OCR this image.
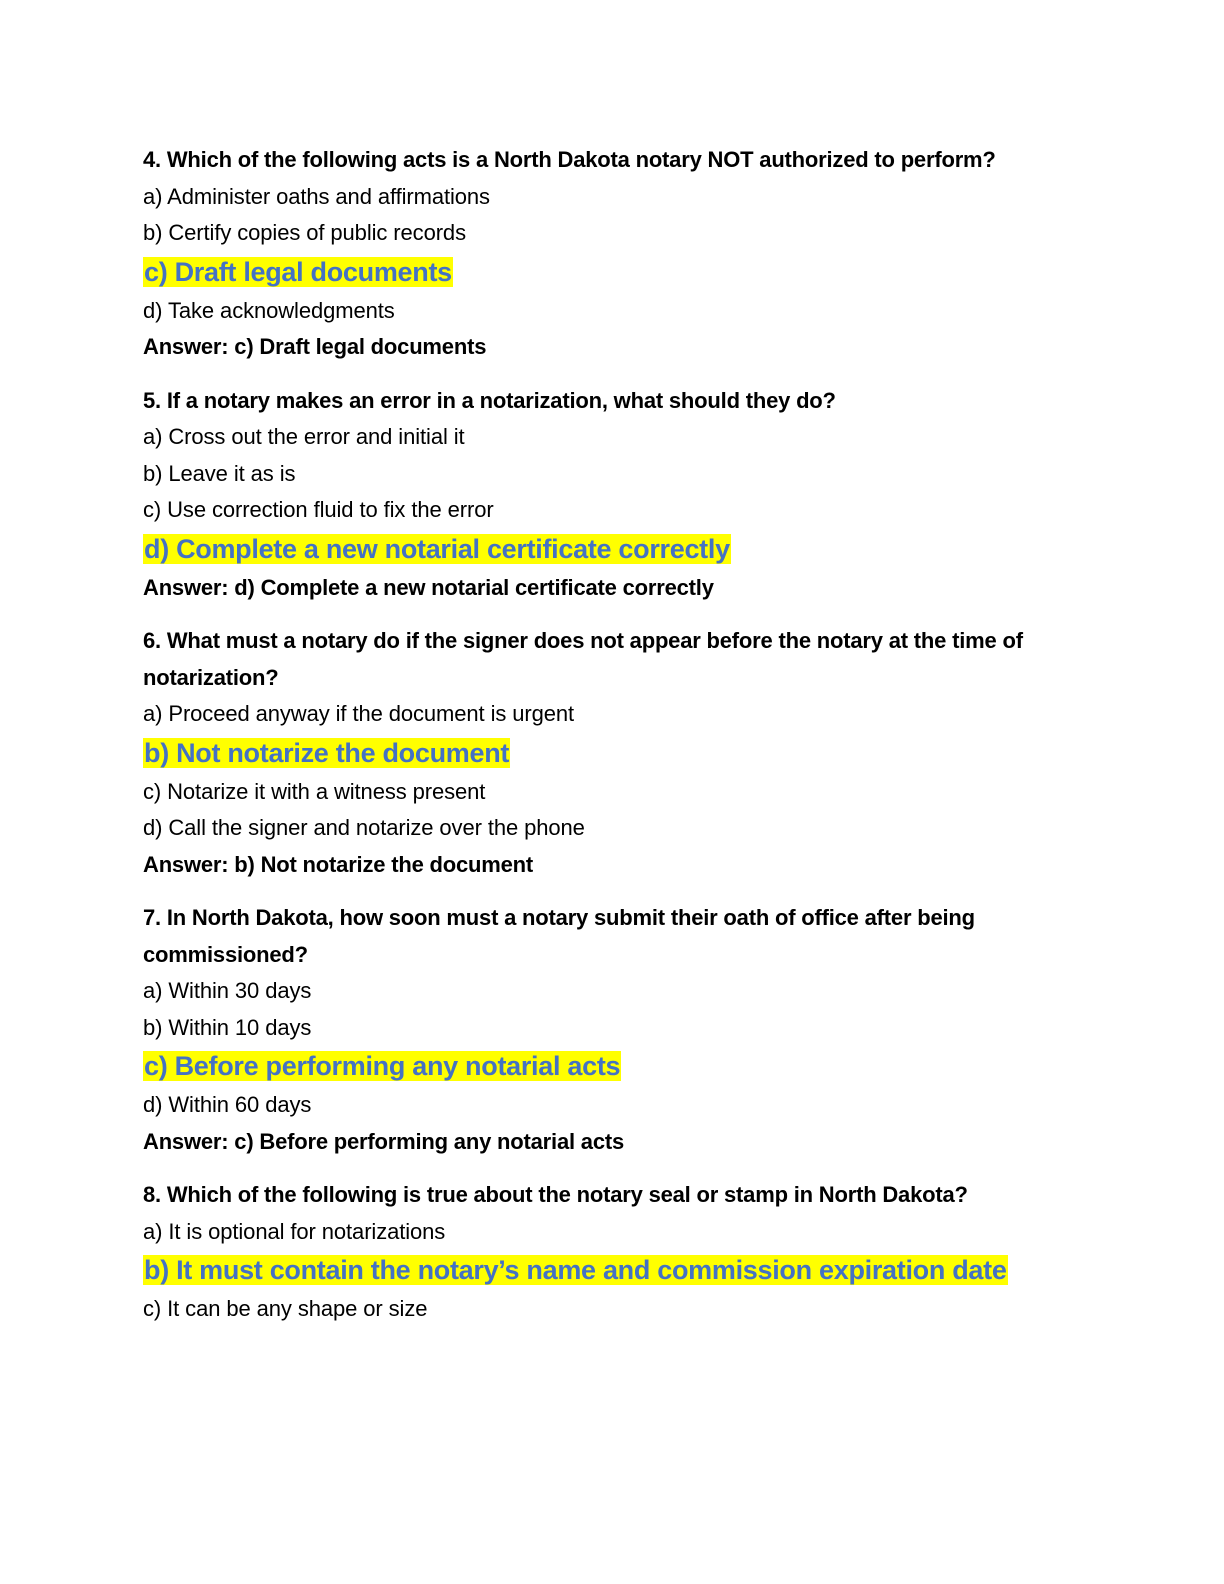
4. Which of the following acts is a North Dakota notary NOT authorized to perform?

a) Administer oaths and affirmations

b) Certify copies of public records

c) Draft legal documents

d) Take acknowledgments

Answer: c) Draft legal documents

5. If a notary makes an error in a notarization, what should they do?

a) Cross out the error and initial it

b) Leave it as is

c) Use correction fluid to fix the error

d) Complete a new notarial certificate correctly

Answer: d) Complete a new notarial certificate correctly

6. What must a notary do if the signer does not appear before the notary at the time of notarization?

a) Proceed anyway if the document is urgent

b) Not notarize the document

c) Notarize it with a witness present

d) Call the signer and notarize over the phone

Answer: b) Not notarize the document

7. In North Dakota, how soon must a notary submit their oath of office after being commissioned?

a) Within 30 days

b) Within 10 days

c) Before performing any notarial acts

d) Within 60 days

Answer: c) Before performing any notarial acts

8. Which of the following is true about the notary seal or stamp in North Dakota?

a) It is optional for notarizations

b) It must contain the notary’s name and commission expiration date

c) It can be any shape or size
